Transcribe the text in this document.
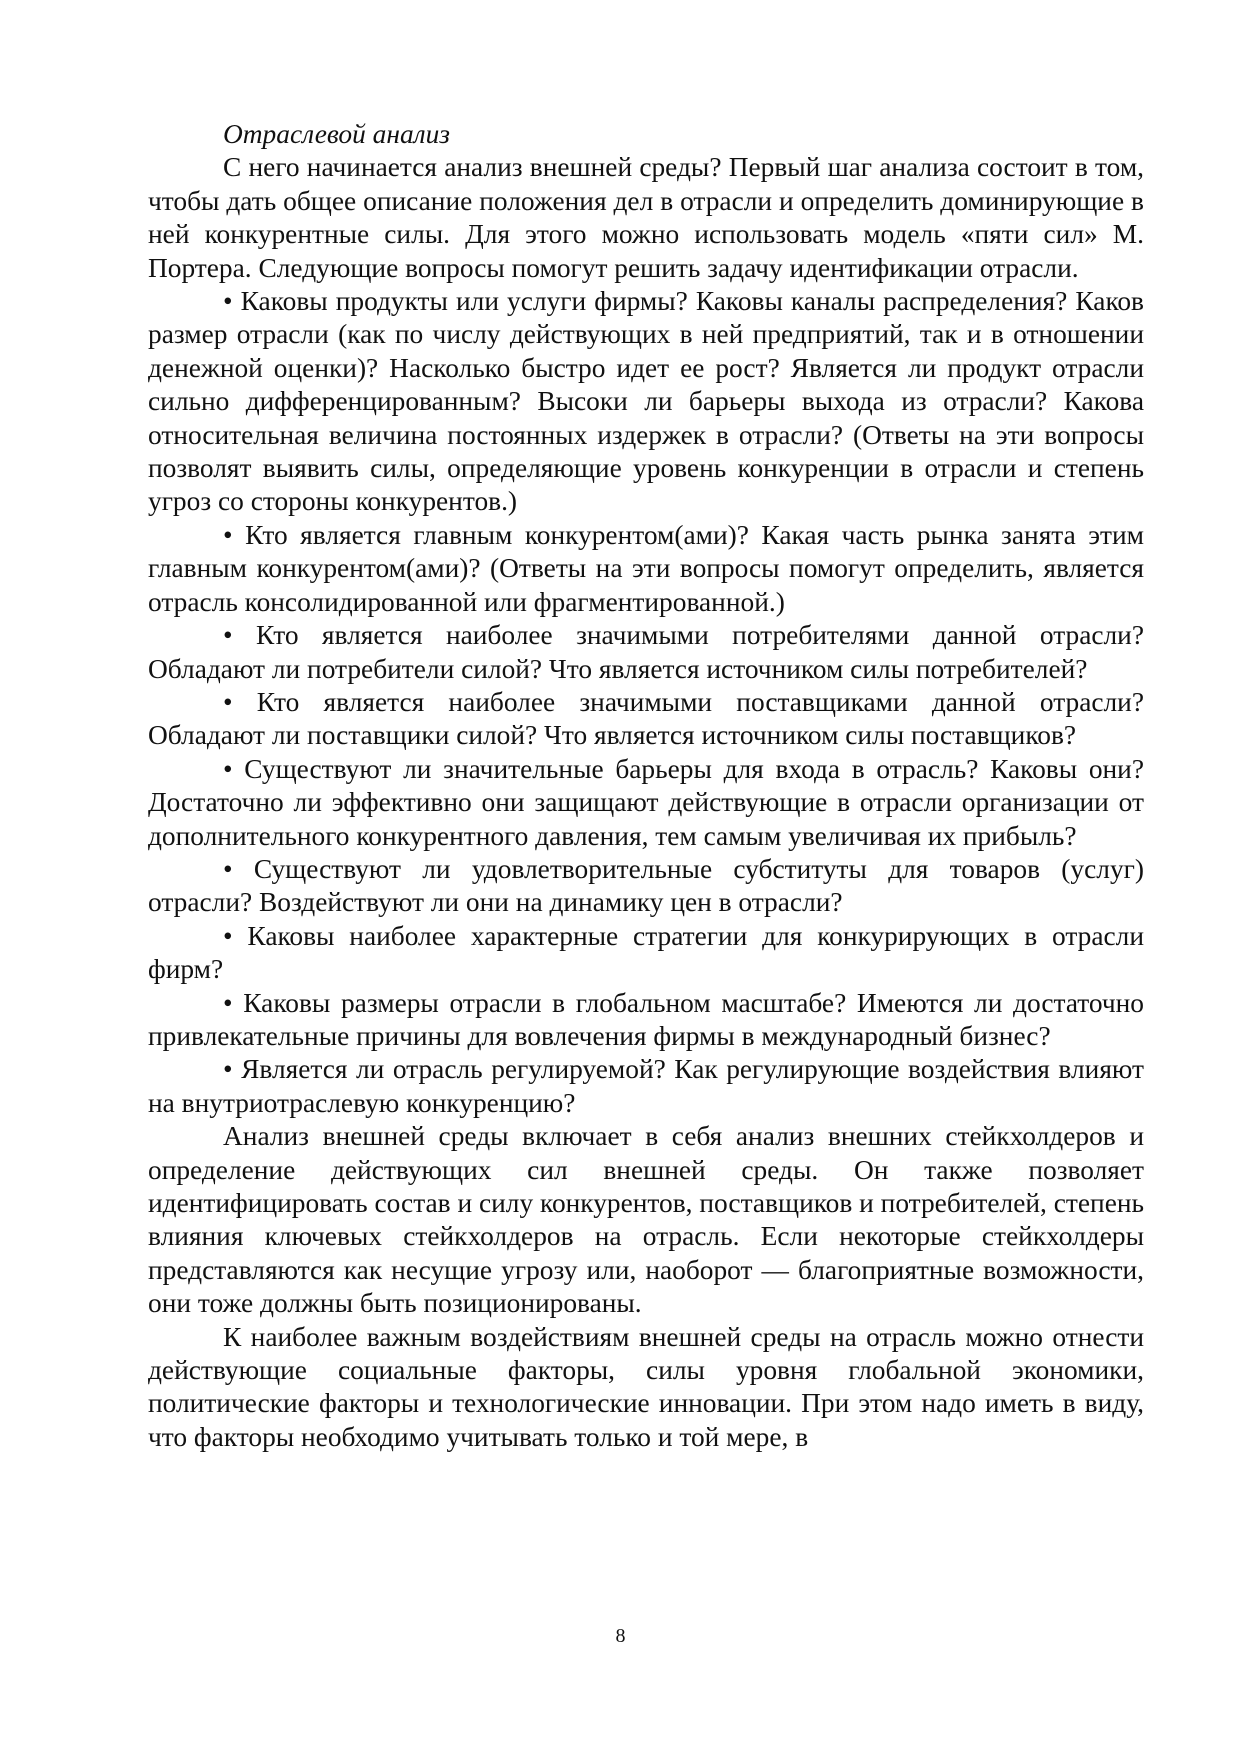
Отраслевой анализ

С него начинается анализ внешней среды? Первый шаг анализа состоит в том, чтобы дать общее описание положения дел в отрасли и определить доминирующие в ней конкурентные силы. Для этого можно использовать модель «пяти сил» М. Портера. Следующие вопросы помогут решить задачу идентификации отрасли.

• Каковы продукты или услуги фирмы? Каковы каналы распределения? Каков размер отрасли (как по числу действующих в ней предприятий, так и в отношении денежной оценки)? Насколько быстро идет ее рост? Является ли продукт отрасли сильно дифференцированным? Высоки ли барьеры выхода из отрасли? Какова относительная величина постоянных издержек в отрасли? (Ответы на эти вопросы позволят выявить силы, определяющие уровень конкуренции в отрасли и степень угроз со стороны конкурентов.)

• Кто является главным конкурентом(ами)? Какая часть рынка занята этим главным конкурентом(ами)? (Ответы на эти вопросы помогут определить, является отрасль консолидированной или фрагментированной.)

• Кто является наиболее значимыми потребителями данной отрасли? Обладают ли потребители силой? Что является источником силы потребителей?

• Кто является наиболее значимыми поставщиками данной отрасли? Обладают ли поставщики силой? Что является источником силы поставщиков?

• Существуют ли значительные барьеры для входа в отрасль? Каковы они? Достаточно ли эффективно они защищают действующие в отрасли организации от дополнительного конкурентного давления, тем самым увеличивая их прибыль?

• Существуют ли удовлетворительные субституты для товаров (услуг) отрасли? Воздействуют ли они на динамику цен в отрасли?

• Каковы наиболее характерные стратегии для конкурирующих в отрасли фирм?

• Каковы размеры отрасли в глобальном масштабе? Имеются ли достаточно привлекательные причины для вовлечения фирмы в международный бизнес?

• Является ли отрасль регулируемой? Как регулирующие воздействия влияют на внутриотраслевую конкуренцию?

Анализ внешней среды включает в себя анализ внешних стейкхолдеров и определение действующих сил внешней среды. Он также позволяет идентифицировать состав и силу конкурентов, поставщиков и потребителей, степень влияния ключевых стейкхолдеров на отрасль. Если некоторые стейкхолдеры представляются как несущие угрозу или, наоборот — благоприятные возможности, они тоже должны быть позиционированы.

К наиболее важным воздействиям внешней среды на отрасль можно отнести действующие социальные факторы, силы уровня глобальной экономики, политические факторы и технологические инновации. При этом надо иметь в виду, что факторы необходимо учитывать только и той мере, в

8
